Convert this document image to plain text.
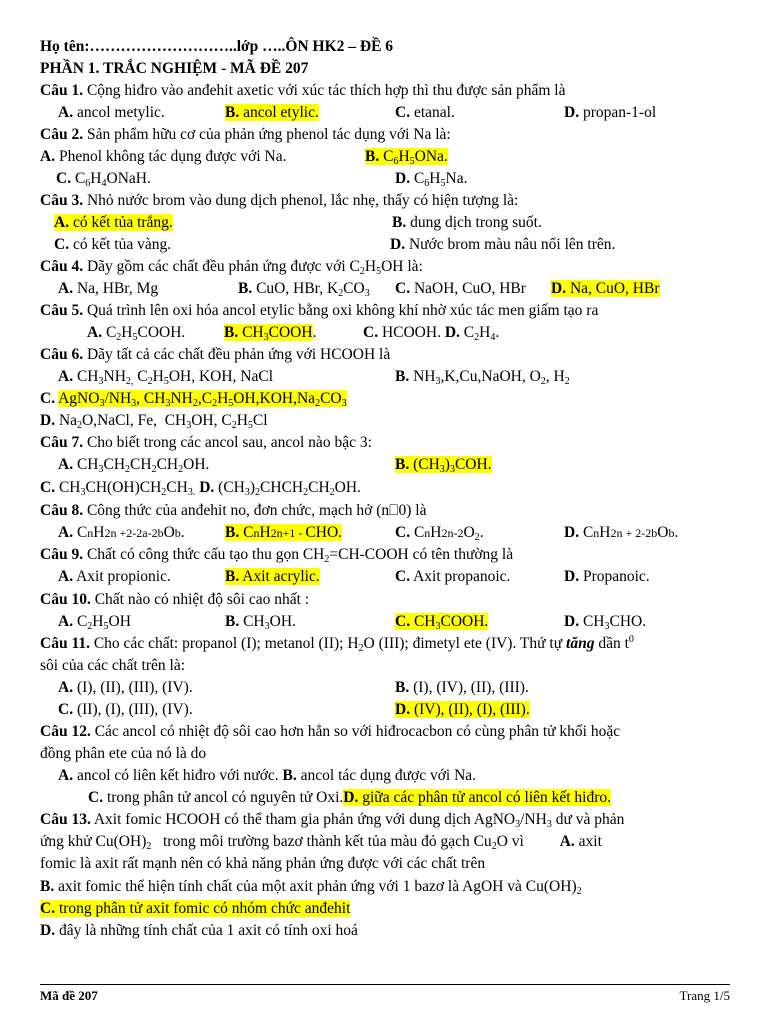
Họ tên:………………………..lớp …..ÔN HK2 – ĐỀ 6
PHẦN 1. TRẮC NGHIỆM - MÃ ĐỀ 207
Câu 1. Cộng hiđro vào anđehit axetic với xúc tác thích hợp thì thu được sản phẩm là
A. ancol metylic.	B. ancol etylic.	C. etanal.	D. propan-1-ol
Câu 2. Sản phẩm hữu cơ của phản ứng phenol tác dụng với Na là:
A. Phenol không tác dụng được với Na.	B. $C_6H_5ONa$.
C. $C_6H_4ONaH$.	D. $C_6H_5Na$.
Câu 3. Nhỏ nước brom vào dung dịch phenol, lắc nhẹ, thấy có hiện tượng là:
A. có kết tủa trắng.	B. dung dịch trong suốt.
C. có kết tủa vàng.	D. Nước brom màu nâu nổi lên trên.
Câu 4. Dãy gồm các chất đều phản ứng được với $C_2H_5OH$ là:
A. Na, HBr, Mg	B. CuO, HBr, $K_2CO_3$ C. NaOH, CuO, HBr D. Na, CuO, HBr
Câu 5. Quá trình lên oxi hóa ancol etylic bằng oxi không khí nhờ xúc tác men giấm tạo ra
A. $C_2H_5COOH$. B. $CH_3COOH$.	C. HCOOH. D. $C_2H_4$.
Câu 6. Dãy tất cả các chất đều phản ứng với HCOOH là
A. $CH_3NH_{2,}$ $C_2H_5OH$, KOH, NaCl	B. $NH_3,K,Cu,NaOH$, $O_2$, $H_2$
C. $AgNO_3/NH_3$, $CH_3NH_2,C_2H_5OH,KOH,Na_2CO_3$
D. $Na_2O,NaCl$, Fe,  $CH_3OH$, $C_2H_5Cl$
Câu 7. Cho biết trong các ancol sau, ancol nào bậc 3:
A. $CH_3CH_2CH_2CH_2OH$.	B. $(CH_3)_3COH$.
C. $CH_3CH(OH)CH_2CH_{3.}$ D. $(CH_3)_2CHCH_2CH_2OH$.
Câu 8. Công thức của anđehit no, đơn chức, mạch hở (n⎕0) là
A. CnH2n +2-2a-2bOb.	B. CnH2n+1 - CHO.	C. $CnH2n-2O_2$.	D. CnH2n + 2-2bOb.
Câu 9. Chất có công thức cấu tạo thu gọn $CH_2=CH$-COOH có tên thường là
A. Axit propionic.	B. Axit acrylic.	C. Axit propanoic.	D. Propanoic.
Câu 10. Chất nào có nhiệt độ sôi cao nhất :
A. $C_2H_5OH$	B. $CH_3OH$.	C. $CH_3COOH$.	D. $CH_3CHO$.
Câu 11. Cho các chất: propanol (I); metanol (II); $H_2O$ (III); đimetyl ete (IV). Thứ tự tăng dần $t^0$
sôi của các chất trên là:
A. (I), (II), (III), (IV).	B. (I), (IV), (II), (III).
C. (II), (I), (III), (IV).	D. (IV), (II), (I), (III).
Câu 12. Các ancol có nhiệt độ sôi cao hơn hẳn so với hiđrocacbon có cùng phân tử khối hoặc
đồng phân ete của nó là do
A. ancol có liên kết hiđro với nước. B. ancol tác dụng được với Na.
C. trong phân tử ancol có nguyên tử Oxi.D. giữa các phân tử ancol có liên kết hiđro.
Câu 13. Axit fomic HCOOH có thể tham gia phản ứng với dung dịch $AgNO_3/NH_3$ dư và phản
ứng khử $Cu(OH)_2$   trong môi trường bazơ thành kết tủa màu đỏ gạch $Cu_2O$ vì A. axit
fomic là axit rất mạnh nên có khả năng phản ứng được với các chất trên
B. axit fomic thể hiện tính chất của một axit phản ứng với 1 bazơ là AgOH và $Cu(OH)_2$
C. trong phân tử axit fomic có nhóm chức anđehit
D. đây là những tính chất của 1 axit có tính oxi hoá
Mã đề 207	Trang 1/5
